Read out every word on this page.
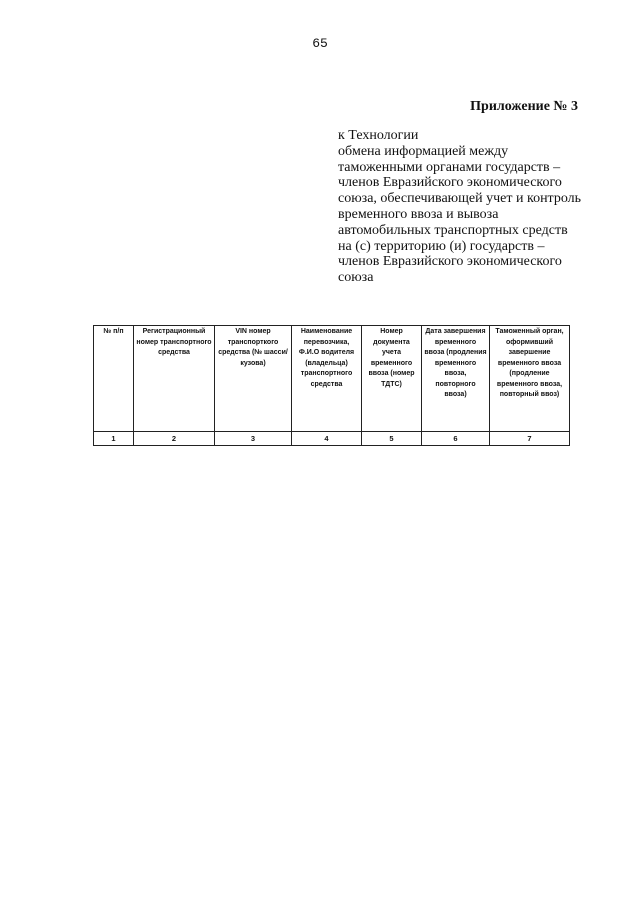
65
Приложение № 3
к Технологии
обмена информацией между
таможенными органами государств –
членов Евразийского экономического
союза, обеспечивающей учет и контроль
временного ввоза и вывоза
автомобильных транспортных средств
на (с) территорию (и) государств –
членов Евразийского экономического
союза
№ п/п	Регистрационный номер транспортного средства	VIN номер транспорткого средства (№ шасси/кузова)	Наименование перевозчика, Ф.И.О водителя (владельца) транспортного средства	Номер документа учета временного ввоза (номер ТДТС)	Дата завершения временного ввоза (продления временного ввоза, повторного ввоза)	Таможенный орган, оформивший завершение временного ввоза (продление временного ввоза, повторный ввоз)
1	2	3	4	5	6	7
